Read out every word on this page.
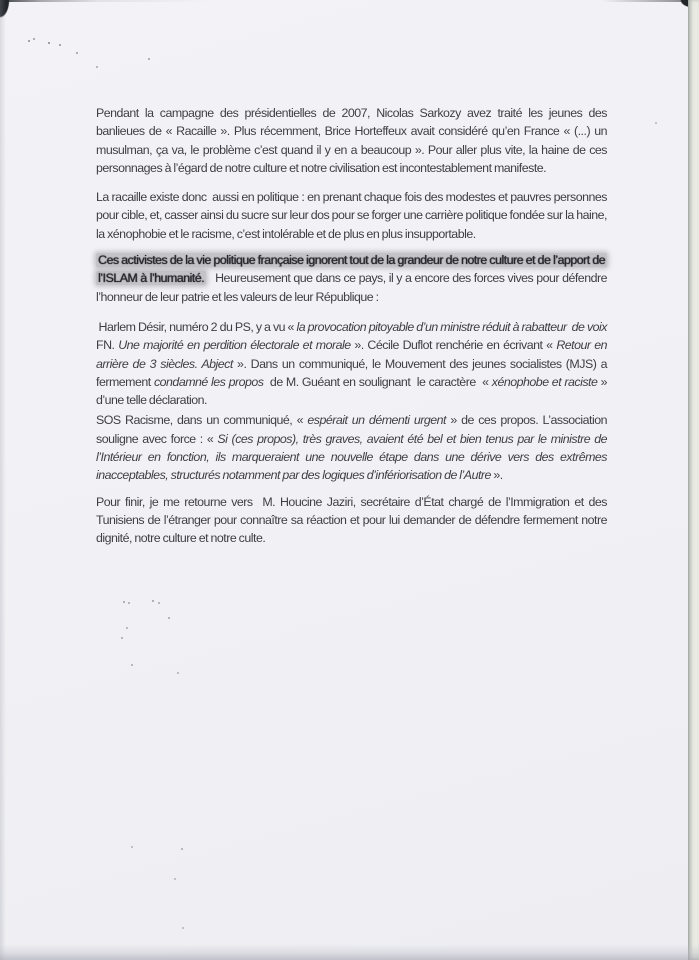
Pendant la campagne des présidentielles de 2007, Nicolas Sarkozy avez traité les jeunes des banlieues de « Racaille ». Plus récemment, Brice Horteffeux avait considéré qu’en France « (...) un musulman, ça va, le problème c’est quand il y en a beaucoup ». Pour aller plus vite, la haine de ces personnages à l’égard de notre culture et notre civilisation est incontestablement manifeste.

La racaille existe donc  aussi en politique : en prenant chaque fois des modestes et pauvres personnes pour cible, et, casser ainsi du sucre sur leur dos pour se forger une carrière politique fondée sur la haine, la xénophobie et le racisme, c’est intolérable et de plus en plus insupportable.

Ces activistes de la vie politique française ignorent tout de la grandeur de notre culture et de l’apport de l’ISLAM à l’humanité.   Heureusement que dans ce pays, il y a encore des forces vives pour défendre l’honneur de leur patrie et les valeurs de leur République :

Harlem Désir, numéro 2 du PS, y a vu « la provocation pitoyable d’un ministre réduit à rabatteur  de voix FN. Une majorité en perdition électorale et morale ». Cécile Duflot renchérie en écrivant « Retour en arrière de 3 siècles. Abject ». Dans un communiqué, le Mouvement des jeunes socialistes (MJS) a fermement condamné les propos  de M. Guéant en soulignant  le caractère  « xénophobe et raciste » d’une telle déclaration.

SOS Racisme, dans un communiqué, « espérait un démenti urgent » de ces propos. L’association souligne avec force : « Si (ces propos), très graves, avaient été bel et bien tenus par le ministre de l’Intérieur en fonction, ils marqueraient une nouvelle étape dans une dérive vers des extrêmes inacceptables, structurés notamment par des logiques d’infériorisation de l’Autre ».

Pour finir, je me retourne vers  M. Houcine Jaziri, secrétaire d’État chargé de l’Immigration et des Tunisiens de l’étranger pour connaître sa réaction et pour lui demander de défendre fermement notre dignité, notre culture et notre culte.
